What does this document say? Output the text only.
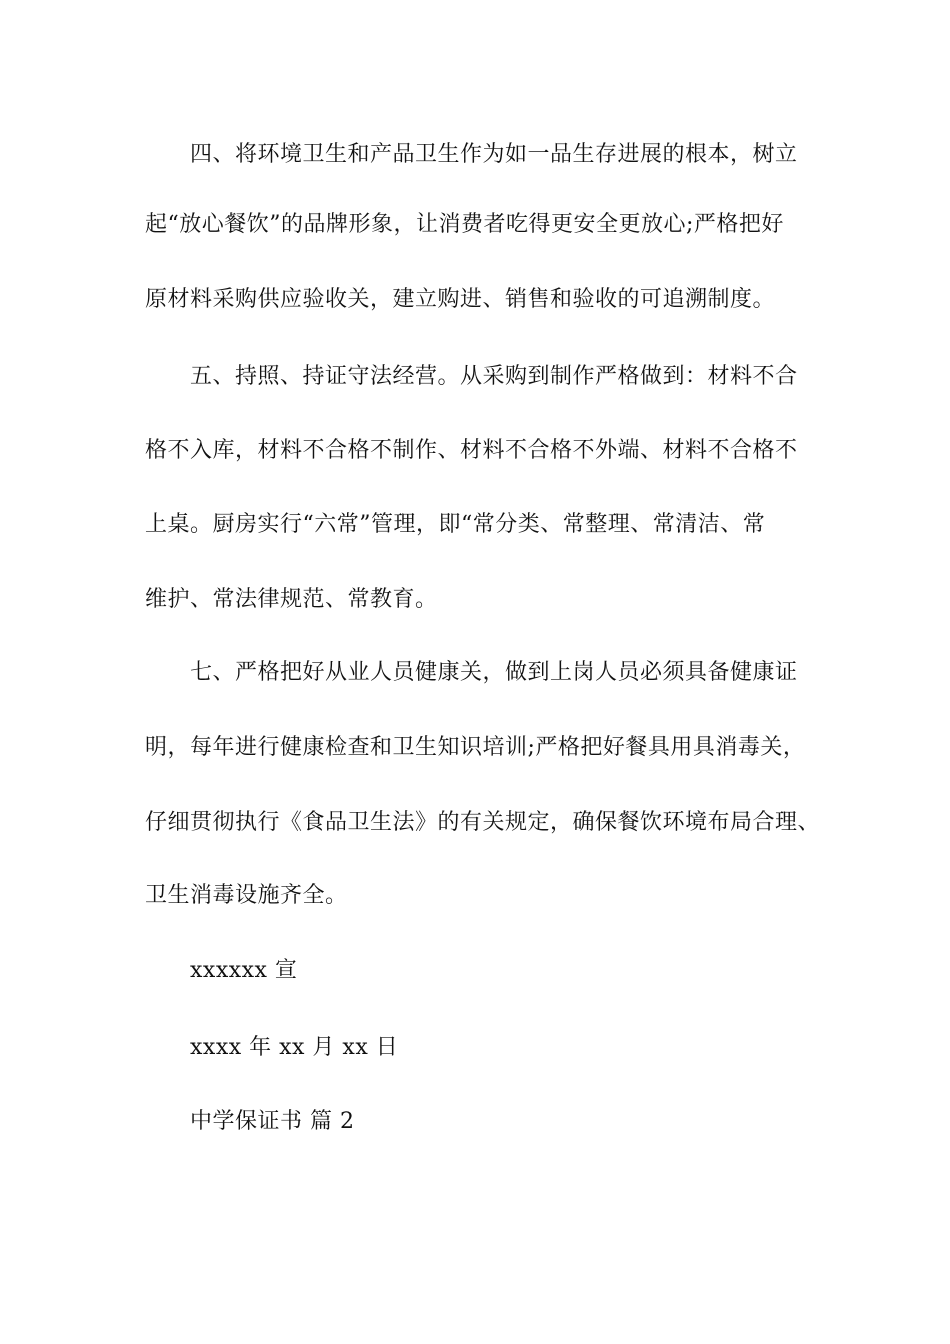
四、将环境卫生和产品卫生作为如一品生存进展的根本，树立
起“放心餐饮”的品牌形象，让消费者吃得更安全更放心;严格把好
原材料采购供应验收关，建立购进、销售和验收的可追溯制度。
五、持照、持证守法经营。从采购到制作严格做到：材料不合
格不入库，材料不合格不制作、材料不合格不外端、材料不合格不
上桌。厨房实行“六常”管理，即“常分类、常整理、常清洁、常
维护、常法律规范、常教育。
七、严格把好从业人员健康关，做到上岗人员必须具备健康证
明，每年进行健康检查和卫生知识培训;严格把好餐具用具消毒关，
仔细贯彻执行《食品卫生法》的有关规定，确保餐饮环境布局合理、
卫生消毒设施齐全。
xxxxxx 宣
xxxx 年 xx 月 xx 日
中学保证书 篇 2
